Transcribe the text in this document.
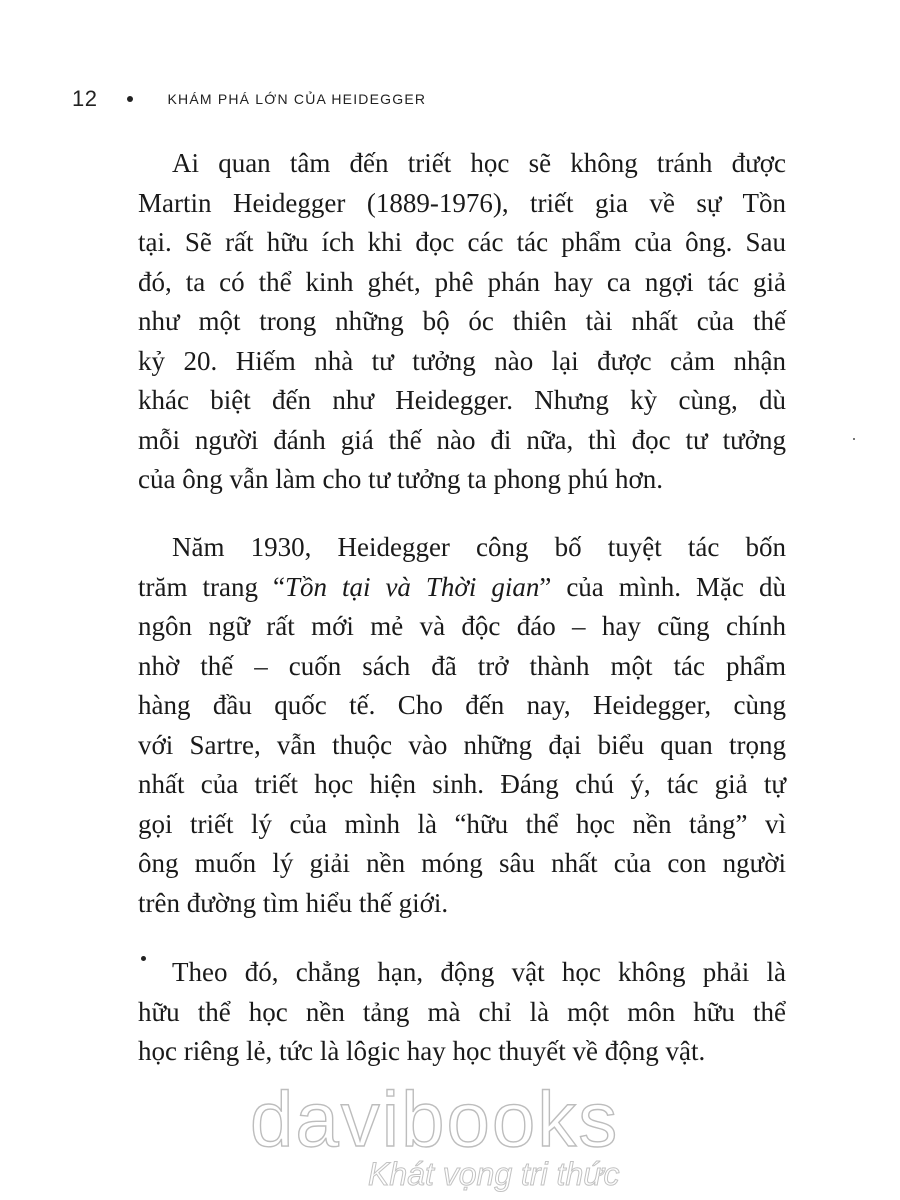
12	KHÁM PHÁ LỚN CỦA HEIDEGGER
Ai quan tâm đến triết học sẽ không tránh được
Martin Heidegger (1889-1976), triết gia về sự Tồn
tại. Sẽ rất hữu ích khi đọc các tác phẩm của ông. Sau
đó, ta có thể kinh ghét, phê phán hay ca ngợi tác giả
như một trong những bộ óc thiên tài nhất của thế
kỷ 20. Hiếm nhà tư tưởng nào lại được cảm nhận
khác biệt đến như Heidegger. Nhưng kỳ cùng, dù
mỗi người đánh giá thế nào đi nữa, thì đọc tư tưởng
của ông vẫn làm cho tư tưởng ta phong phú hơn.
Năm 1930, Heidegger công bố tuyệt tác bốn
trăm trang “Tồn tại và Thời gian” của mình. Mặc dù
ngôn ngữ rất mới mẻ và độc đáo – hay cũng chính
nhờ thế – cuốn sách đã trở thành một tác phẩm
hàng đầu quốc tế. Cho đến nay, Heidegger, cùng
với Sartre, vẫn thuộc vào những đại biểu quan trọng
nhất của triết học hiện sinh. Đáng chú ý, tác giả tự
gọi triết lý của mình là “hữu thể học nền tảng” vì
ông muốn lý giải nền móng sâu nhất của con người
trên đường tìm hiểu thế giới.
Theo đó, chẳng hạn, động vật học không phải là
hữu thể học nền tảng mà chỉ là một môn hữu thể
học riêng lẻ, tức là lôgic hay học thuyết về động vật.
davibooks
Khát vọng tri thức
